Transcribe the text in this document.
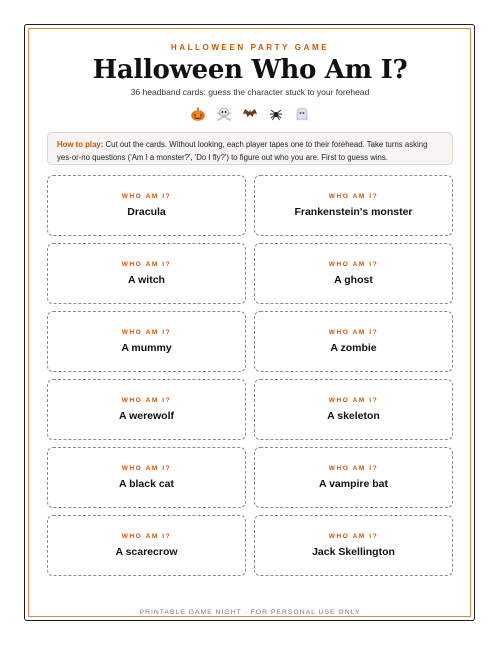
HALLOWEEN PARTY GAME
Halloween Who Am I?
36 headband cards: guess the character stuck to your forehead
How to play: Cut out the cards. Without looking, each player tapes one to their forehead. Take turns asking yes-or-no questions ('Am I a monster?', 'Do I fly?') to figure out who you are. First to guess wins.
WHO AM I?
Dracula
WHO AM I?
Frankenstein's monster
WHO AM I?
A witch
WHO AM I?
A ghost
WHO AM I?
A mummy
WHO AM I?
A zombie
WHO AM I?
A werewolf
WHO AM I?
A skeleton
WHO AM I?
A black cat
WHO AM I?
A vampire bat
WHO AM I?
A scarecrow
WHO AM I?
Jack Skellington
PRINTABLE GAME NIGHT · FOR PERSONAL USE ONLY
